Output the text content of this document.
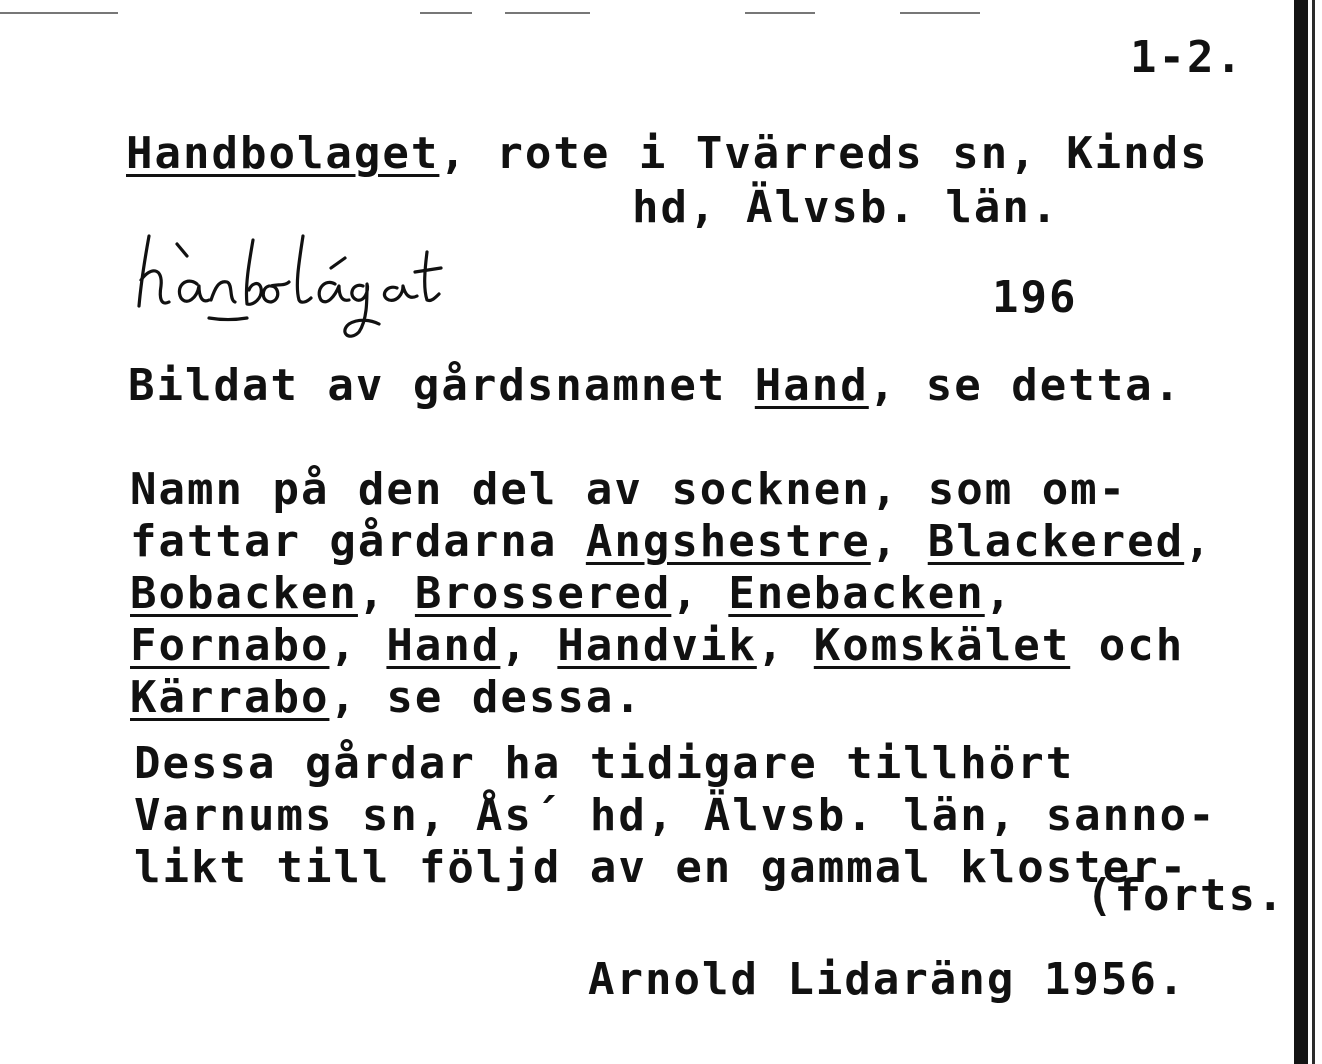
1-2.
Handbolaget, rote i Tvärreds sn, Kinds
hd, Älvsb. län.
196
Bildat av gårdsnamnet Hand, se detta.
Namn på den del av socknen, som om-
fattar gårdarna Angshestre, Blackered,
Bobacken, Brossered, Enebacken,
Fornabo, Hand, Handvik, Komskälet och
Kärrabo, se dessa.
Dessa gårdar ha tidigare tillhört
Varnums sn, Ås´ hd, Älvsb. län, sanno-
likt till följd av en gammal kloster-
(forts.
Arnold Lidaräng 1956.
